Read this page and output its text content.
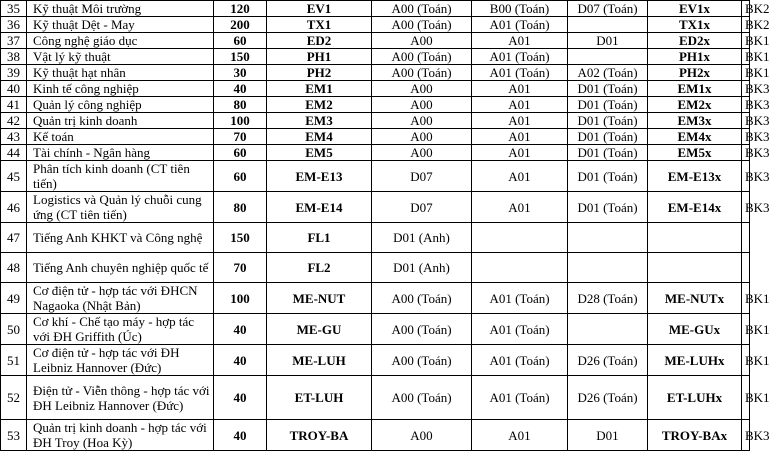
35	Kỹ thuật Môi trường	120	EV1	A00 (Toán)	B00 (Toán)	D07 (Toán)	EV1x	BK2
36	Kỹ thuật Dệt - May	200	TX1	A00 (Toán)	A01 (Toán)		TX1x	BK2
37	Công nghệ giáo dục	60	ED2	A00	A01	D01	ED2x	BK1
38	Vật lý kỹ thuật	150	PH1	A00 (Toán)	A01 (Toán)		PH1x	BK1
39	Kỹ thuật hạt nhân	30	PH2	A00 (Toán)	A01 (Toán)	A02 (Toán)	PH2x	BK1
40	Kinh tế công nghiệp	40	EM1	A00	A01	D01 (Toán)	EM1x	BK3
41	Quản lý công nghiệp	80	EM2	A00	A01	D01 (Toán)	EM2x	BK3
42	Quản trị kinh doanh	100	EM3	A00	A01	D01 (Toán)	EM3x	BK3
43	Kế toán	70	EM4	A00	A01	D01 (Toán)	EM4x	BK3
44	Tài chính - Ngân hàng	60	EM5	A00	A01	D01 (Toán)	EM5x	BK3
45	Phân tích kinh doanh (CT tiên tiến)	60	EM-E13	D07	A01	D01 (Toán)	EM-E13x	BK3
46	Logistics và Quản lý chuỗi cung ứng (CT tiên tiến)	80	EM-E14	D07	A01	D01 (Toán)	EM-E14x	BK3
47	Tiếng Anh KHKT và Công nghệ	150	FL1	D01 (Anh)				
48	Tiếng Anh chuyên nghiệp quốc tế	70	FL2	D01 (Anh)				
49	Cơ điện tử - hợp tác với ĐHCN Nagaoka (Nhật Bản)	100	ME-NUT	A00 (Toán)	A01 (Toán)	D28 (Toán)	ME-NUTx	BK1
50	Cơ khí - Chế tạo máy - hợp tác với ĐH Griffith (Úc)	40	ME-GU	A00 (Toán)	A01 (Toán)		ME-GUx	BK1
51	Cơ điện tử - hợp tác với ĐH Leibniz Hannover (Đức)	40	ME-LUH	A00 (Toán)	A01 (Toán)	D26 (Toán)	ME-LUHx	BK1
52	Điện tử - Viễn thông - hợp tác với ĐH Leibniz Hannover (Đức)	40	ET-LUH	A00 (Toán)	A01 (Toán)	D26 (Toán)	ET-LUHx	BK1
53	Quản trị kinh doanh - hợp tác với ĐH Troy (Hoa Kỳ)	40	TROY-BA	A00	A01	D01	TROY-BAx	BK3
